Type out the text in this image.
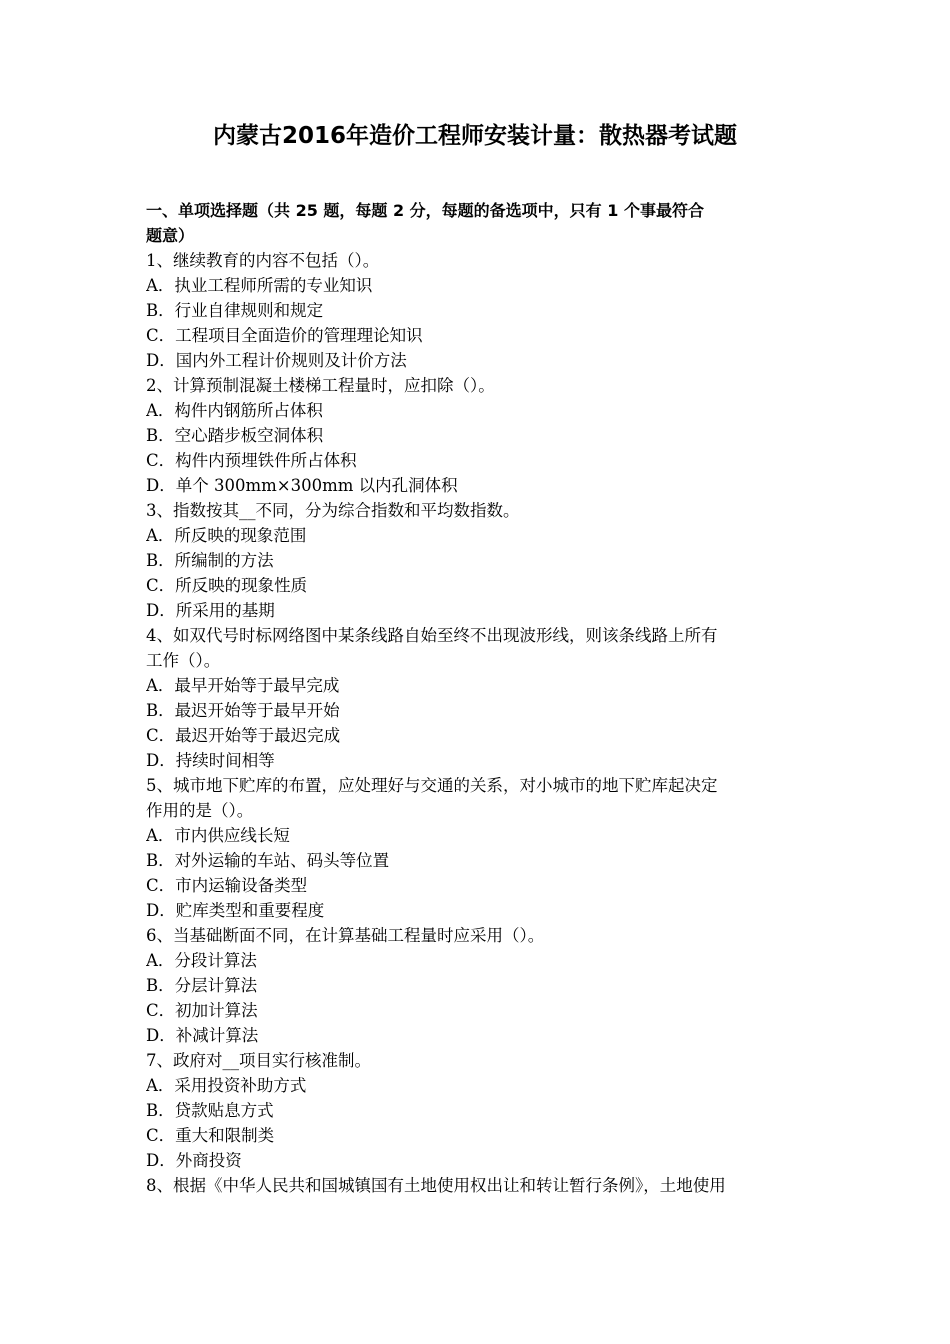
内蒙古2016年造价工程师安装计量：散热器考试题
一、单项选择题（共 25 题，每题 2 分，每题的备选项中，只有 1 个事最符合
题意）
1、继续教育的内容不包括（）。
A．执业工程师所需的专业知识
B．行业自律规则和规定
C．工程项目全面造价的管理理论知识
D．国内外工程计价规则及计价方法
2、计算预制混凝土楼梯工程量时，应扣除（）。
A．构件内钢筋所占体积
B．空心踏步板空洞体积
C．构件内预埋铁件所占体积
D．单个 300mm×300mm 以内孔洞体积
3、指数按其__不同，分为综合指数和平均数指数。
A．所反映的现象范围
B．所编制的方法
C．所反映的现象性质
D．所采用的基期
4、如双代号时标网络图中某条线路自始至终不出现波形线，则该条线路上所有
工作（）。
A．最早开始等于最早完成
B．最迟开始等于最早开始
C．最迟开始等于最迟完成
D．持续时间相等
5、城市地下贮库的布置，应处理好与交通的关系，对小城市的地下贮库起决定
作用的是（）。
A．市内供应线长短
B．对外运输的车站、码头等位置
C．市内运输设备类型
D．贮库类型和重要程度
6、当基础断面不同，在计算基础工程量时应采用（）。
A．分段计算法
B．分层计算法
C．初加计算法
D．补减计算法
7、政府对__项目实行核准制。
A．采用投资补助方式
B．贷款贴息方式
C．重大和限制类
D．外商投资
8、根据《中华人民共和国城镇国有土地使用权出让和转让暂行条例》，土地使用
